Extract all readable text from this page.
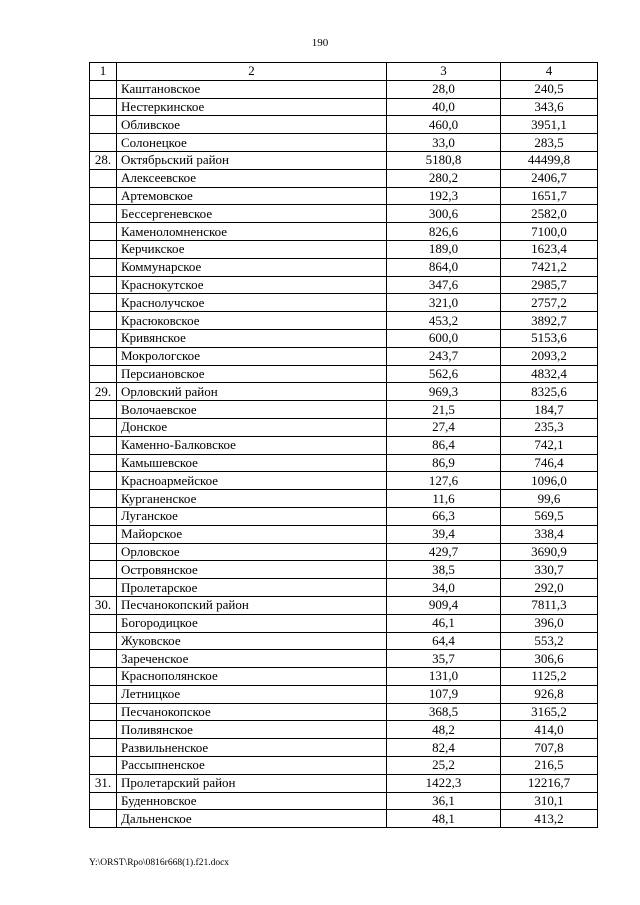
190
1	2	3	4
	Каштановское	28,0	240,5
	Нестеркинское	40,0	343,6
	Обливское	460,0	3951,1
	Солонецкое	33,0	283,5
28.	Октябрьский район	5180,8	44499,8
	Алексеевское	280,2	2406,7
	Артемовское	192,3	1651,7
	Бессергеневское	300,6	2582,0
	Каменоломненское	826,6	7100,0
	Керчикское	189,0	1623,4
	Коммунарское	864,0	7421,2
	Краснокутское	347,6	2985,7
	Краснолучское	321,0	2757,2
	Красюковское	453,2	3892,7
	Кривянское	600,0	5153,6
	Мокрологское	243,7	2093,2
	Персиановское	562,6	4832,4
29.	Орловский район	969,3	8325,6
	Волочаевское	21,5	184,7
	Донское	27,4	235,3
	Каменно-Балковское	86,4	742,1
	Камышевское	86,9	746,4
	Красноармейское	127,6	1096,0
	Курганенское	11,6	99,6
	Луганское	66,3	569,5
	Майорское	39,4	338,4
	Орловское	429,7	3690,9
	Островянское	38,5	330,7
	Пролетарское	34,0	292,0
30.	Песчанокопский район	909,4	7811,3
	Богородицкое	46,1	396,0
	Жуковское	64,4	553,2
	Зареченское	35,7	306,6
	Краснополянское	131,0	1125,2
	Летницкое	107,9	926,8
	Песчанокопское	368,5	3165,2
	Поливянское	48,2	414,0
	Развильненское	82,4	707,8
	Рассыпненское	25,2	216,5
31.	Пролетарский район	1422,3	12216,7
	Буденновское	36,1	310,1
	Дальненское	48,1	413,2
Y:\ORST\Rpo\0816r668(1).f21.docx
